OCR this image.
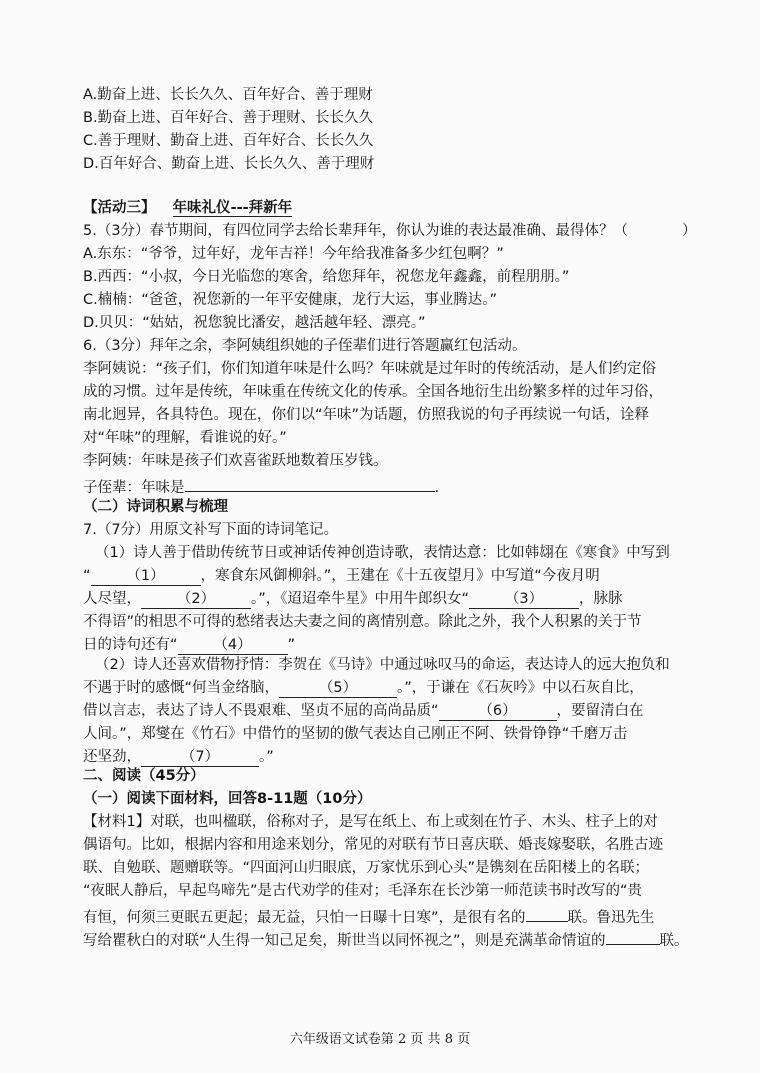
A.勤奋上进、长长久久、百年好合、善于理财
B.勤奋上进、百年好合、善于理财、长长久久
C.善于理财、勤奋上进、百年好合、长长久久
D.百年好合、勤奋上进、长长久久、善于理财
【活动三】 年味礼仪---拜新年
5.（3分）春节期间，有四位同学去给长辈拜年，你认为谁的表达最准确、最得体？（	）
A.东东：“爷爷，过年好，龙年吉祥！今年给我准备多少红包啊？”
B.西西：“小叔，今日光临您的寒舍，给您拜年，祝您龙年鑫鑫，前程朋朋。”
C.楠楠：“爸爸，祝您新的一年平安健康，龙行大运，事业腾达。”
D.贝贝：“姑姑，祝您貌比潘安，越活越年轻、漂亮。”
6.（3分）拜年之余，李阿姨组织她的子侄辈们进行答题赢红包活动。
李阿姨说：“孩子们，你们知道年味是什么吗？年味就是过年时的传统活动，是人们约定俗
成的习惯。过年是传统，年味重在传统文化的传承。全国各地衍生出纷繁多样的过年习俗，
南北迥异，各具特色。现在，你们以“年味”为话题，仿照我说的句子再续说一句话，诠释
对“年味”的理解，看谁说的好。”
李阿姨：年味是孩子们欢喜雀跃地数着压岁钱。
子侄辈：年味是	.
（二）诗词积累与梳理
7.（7分）用原文补写下面的诗词笔记。
（1）诗人善于借助传统节日或神话传神创造诗歌，表情达意：比如韩翃在《寒食》中写到
“ （1） ，寒食东风御柳斜。”，王建在《十五夜望月》中写道“今夜月明
人尽望， （2） 。”，《迢迢牵牛星》中用牛郎织女“ （3） ，脉脉
不得语”的相思不可得的愁绪表达夫妻之间的离情别意。除此之外，我个人积累的关于节
日的诗句还有“ （4） ”
（2）诗人还喜欢借物抒情：李贺在《马诗》中通过咏叹马的命运，表达诗人的远大抱负和
不遇于时的感慨“何当金络脑，	（5）	。”，于谦在《石灰吟》中以石灰自比，
借以言志，表达了诗人不畏艰难、坚贞不屈的高尚品质“	（6）	，要留清白在
人间。”，郑燮在《竹石》中借竹的坚韧的傲气表达自己刚正不阿、铁骨铮铮“千磨万击
还坚劲，	（7）	。”
二、阅读（45分）
（一）阅读下面材料，回答8-11题（10分）
【材料1】对联，也叫楹联，俗称对子，是写在纸上、布上或刻在竹子、木头、柱子上的对
偶语句。比如，根据内容和用途来划分，常见的对联有节日喜庆联、婚丧嫁娶联，名胜古迹
联、自勉联、题赠联等。“四面河山归眼底，万家忧乐到心头”是镌刻在岳阳楼上的名联；
“夜眠人静后，早起鸟啼先”是古代劝学的佳对；毛泽东在长沙第一师范读书时改写的“贵
有恒，何须三更眠五更起；最无益，只怕一日曝十日寒”，是很有名的	联。鲁迅先生
写给瞿秋白的对联“人生得一知己足矣，斯世当以同怀视之”，则是充满革命情谊的	联。
六年级语文试卷第 2 页 共 8 页
